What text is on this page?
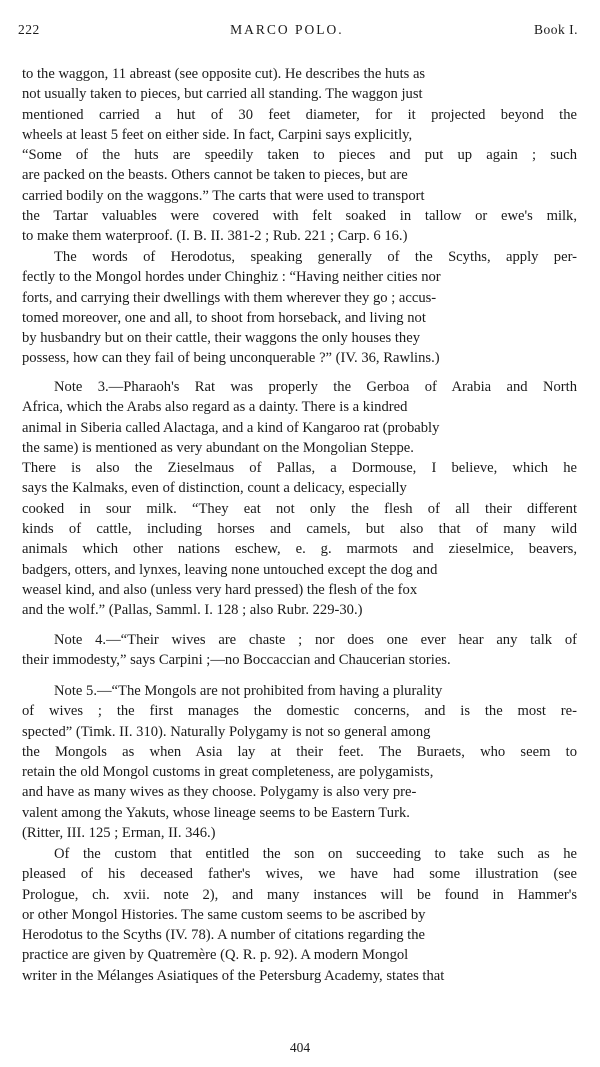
222	MARCO POLO.	Book I.
to the waggon, 11 abreast (see opposite cut). He describes the huts as
not usually taken to pieces, but carried all standing. The waggon just
mentioned carried a hut of 30 feet diameter, for it projected beyond the
wheels at least 5 feet on either side. In fact, Carpini says explicitly,
“Some of the huts are speedily taken to pieces and put up again ; such
are packed on the beasts. Others cannot be taken to pieces, but are
carried bodily on the waggons.” The carts that were used to transport
the Tartar valuables were covered with felt soaked in tallow or ewe's milk,
to make them waterproof. (I. B. II. 381-2 ; Rub. 221 ; Carp. 6 16.)
The words of Herodotus, speaking generally of the Scyths, apply per-
fectly to the Mongol hordes under Chinghiz : “Having neither cities nor
forts, and carrying their dwellings with them wherever they go ; accus-
tomed moreover, one and all, to shoot from horseback, and living not
by husbandry but on their cattle, their waggons the only houses they
possess, how can they fail of being unconquerable ?” (IV. 36, Rawlins.)
Note 3.—Pharaoh's Rat was properly the Gerboa of Arabia and North
Africa, which the Arabs also regard as a dainty. There is a kindred
animal in Siberia called Alactaga, and a kind of Kangaroo rat (probably
the same) is mentioned as very abundant on the Mongolian Steppe.
There is also the Zieselmaus of Pallas, a Dormouse, I believe, which he
says the Kalmaks, even of distinction, count a delicacy, especially
cooked in sour milk. “They eat not only the flesh of all their different
kinds of cattle, including horses and camels, but also that of many wild
animals which other nations eschew, e. g. marmots and zieselmice, beavers,
badgers, otters, and lynxes, leaving none untouched except the dog and
weasel kind, and also (unless very hard pressed) the flesh of the fox
and the wolf.” (Pallas, Samml. I. 128 ; also Rubr. 229-30.)
Note 4.—“Their wives are chaste ; nor does one ever hear any talk of
their immodesty,” says Carpini ;—no Boccaccian and Chaucerian stories.
Note 5.—“The Mongols are not prohibited from having a plurality
of wives ; the first manages the domestic concerns, and is the most re-
spected” (Timk. II. 310). Naturally Polygamy is not so general among
the Mongols as when Asia lay at their feet. The Buraets, who seem to
retain the old Mongol customs in great completeness, are polygamists,
and have as many wives as they choose. Polygamy is also very pre-
valent among the Yakuts, whose lineage seems to be Eastern Turk.
(Ritter, III. 125 ; Erman, II. 346.)
Of the custom that entitled the son on succeeding to take such as he
pleased of his deceased father's wives, we have had some illustration (see
Prologue, ch. xvii. note 2), and many instances will be found in Hammer's
or other Mongol Histories. The same custom seems to be ascribed by
Herodotus to the Scyths (IV. 78). A number of citations regarding the
practice are given by Quatremère (Q. R. p. 92). A modern Mongol
writer in the Mélanges Asiatiques of the Petersburg Academy, states that
404
